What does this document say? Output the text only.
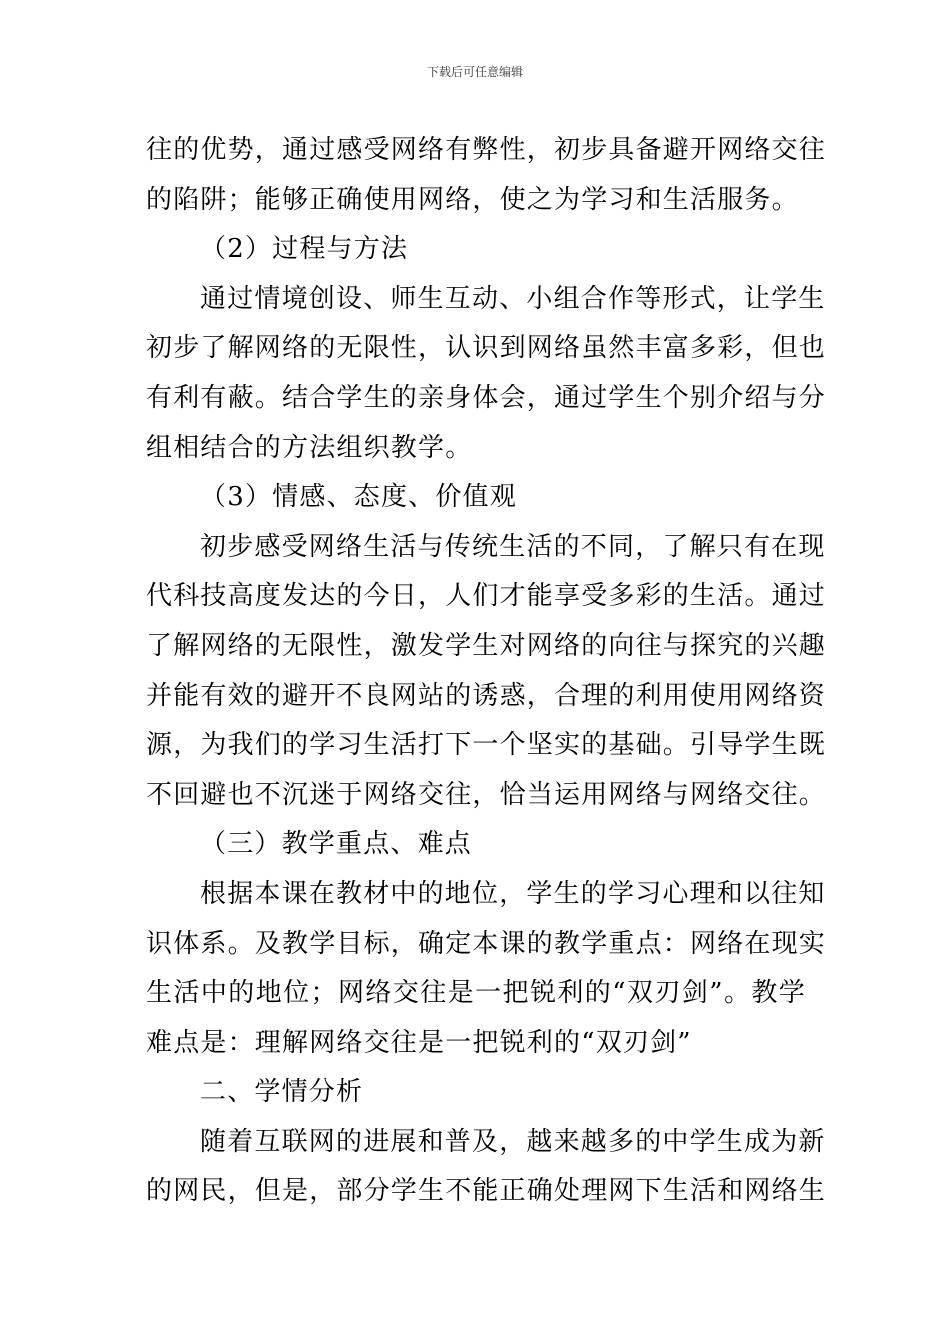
下载后可任意编辑
往的优势，通过感受网络有弊性，初步具备避开网络交往
的陷阱；能够正确使用网络，使之为学习和生活服务。
（2）过程与方法
通过情境创设、师生互动、小组合作等形式，让学生
初步了解网络的无限性，认识到网络虽然丰富多彩，但也
有利有蔽。结合学生的亲身体会，通过学生个别介绍与分
组相结合的方法组织教学。
（3）情感、态度、价值观
初步感受网络生活与传统生活的不同，了解只有在现
代科技高度发达的今日，人们才能享受多彩的生活。通过
了解网络的无限性，激发学生对网络的向往与探究的兴趣
并能有效的避开不良网站的诱惑，合理的利用使用网络资
源，为我们的学习生活打下一个坚实的基础。引导学生既
不回避也不沉迷于网络交往，恰当运用网络与网络交往。
（三）教学重点、难点
根据本课在教材中的地位，学生的学习心理和以往知
识体系。及教学目标，确定本课的教学重点：网络在现实
生活中的地位；网络交往是一把锐利的“双刃剑”。教学
难点是：理解网络交往是一把锐利的“双刃剑”
二、学情分析
随着互联网的进展和普及，越来越多的中学生成为新
的网民，但是，部分学生不能正确处理网下生活和网络生
